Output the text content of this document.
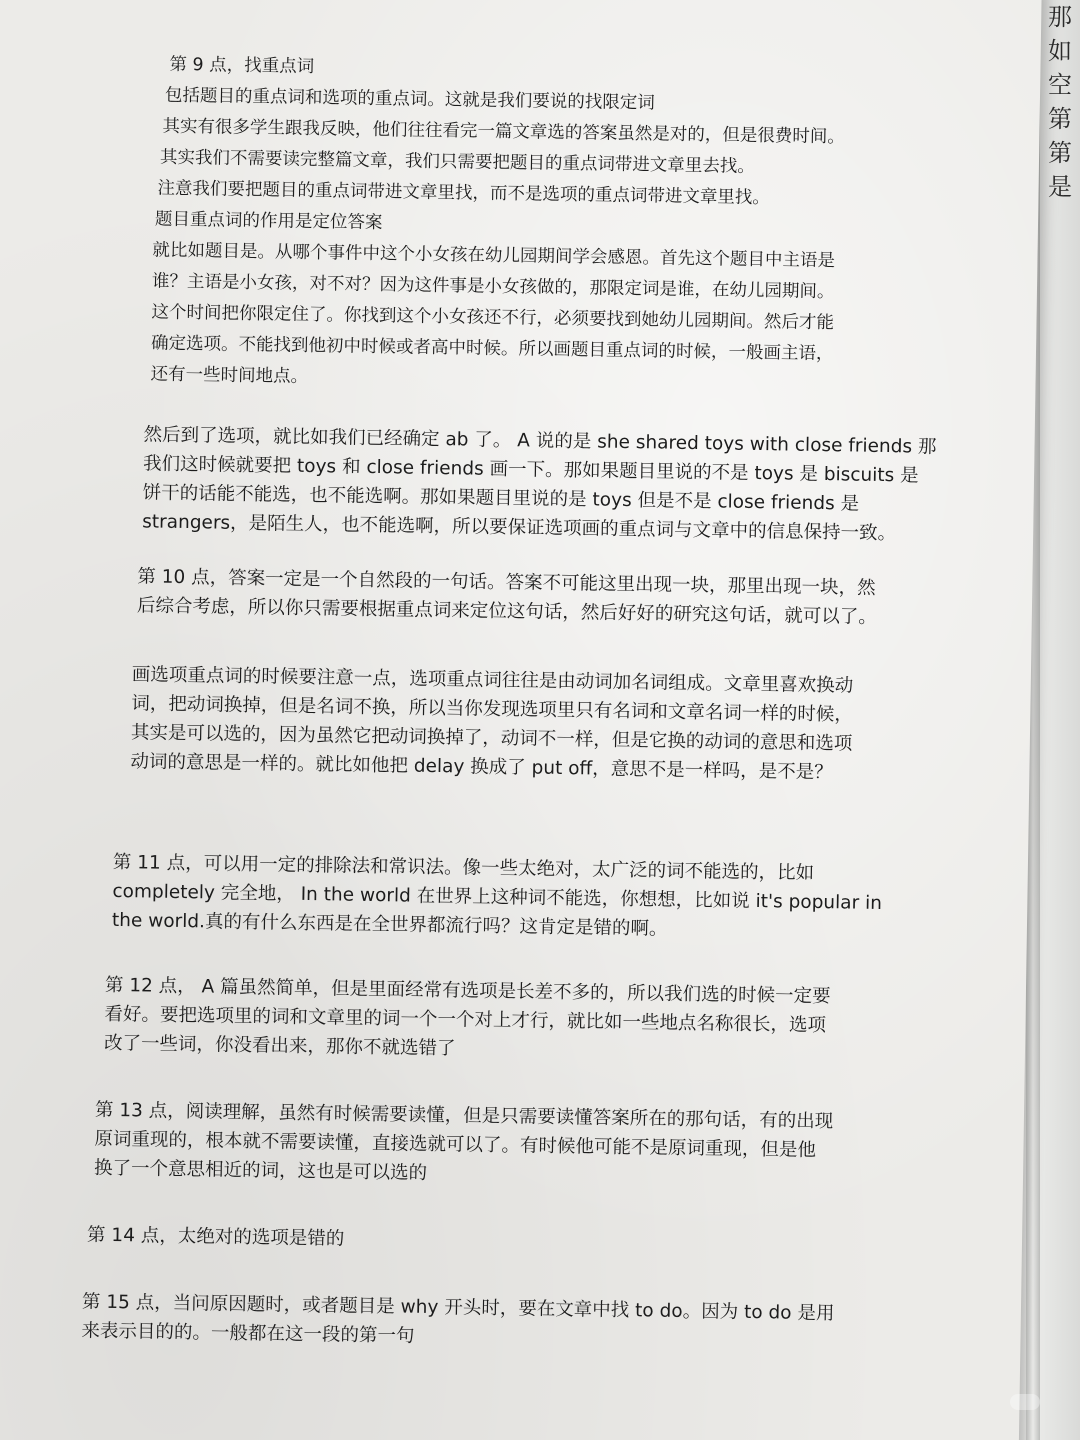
那
如
空
第
第
是
第 9 点，找重点词
包括题目的重点词和选项的重点词。这就是我们要说的找限定词
其实有很多学生跟我反映，他们往往看完一篇文章选的答案虽然是对的，但是很费时间。
其实我们不需要读完整篇文章，我们只需要把题目的重点词带进文章里去找。
注意我们要把题目的重点词带进文章里找，而不是选项的重点词带进文章里找。
题目重点词的作用是定位答案
就比如题目是。从哪个事件中这个小女孩在幼儿园期间学会感恩。首先这个题目中主语是
谁？主语是小女孩，对不对？因为这件事是小女孩做的，那限定词是谁，在幼儿园期间。
这个时间把你限定住了。你找到这个小女孩还不行，必须要找到她幼儿园期间。然后才能
确定选项。不能找到他初中时候或者高中时候。所以画题目重点词的时候，一般画主语，
还有一些时间地点。
然后到了选项，就比如我们已经确定 ab 了。 A 说的是 she shared toys with close friends 那
我们这时候就要把 toys 和 close friends 画一下。那如果题目里说的不是 toys 是 biscuits 是
饼干的话能不能选，也不能选啊。那如果题目里说的是 toys 但是不是 close friends 是
strangers，是陌生人，也不能选啊，所以要保证选项画的重点词与文章中的信息保持一致。
第 10 点，答案一定是一个自然段的一句话。答案不可能这里出现一块，那里出现一块，然
后综合考虑，所以你只需要根据重点词来定位这句话，然后好好的研究这句话，就可以了。
画选项重点词的时候要注意一点，选项重点词往往是由动词加名词组成。文章里喜欢换动
词，把动词换掉，但是名词不换，所以当你发现选项里只有名词和文章名词一样的时候，
其实是可以选的，因为虽然它把动词换掉了，动词不一样，但是它换的动词的意思和选项
动词的意思是一样的。就比如他把 delay 换成了 put off，意思不是一样吗，是不是？
第 11 点，可以用一定的排除法和常识法。像一些太绝对，太广泛的词不能选的，比如
completely 完全地， In the world 在世界上这种词不能选，你想想，比如说 it's popular in
the world.真的有什么东西是在全世界都流行吗？这肯定是错的啊。
第 12 点， A 篇虽然简单，但是里面经常有选项是长差不多的，所以我们选的时候一定要
看好。要把选项里的词和文章里的词一个一个对上才行，就比如一些地点名称很长，选项
改了一些词，你没看出来，那你不就选错了
第 13 点，阅读理解，虽然有时候需要读懂，但是只需要读懂答案所在的那句话，有的出现
原词重现的，根本就不需要读懂，直接选就可以了。有时候他可能不是原词重现，但是他
换了一个意思相近的词，这也是可以选的
第 14 点，太绝对的选项是错的
第 15 点，当问原因题时，或者题目是 why 开头时，要在文章中找 to do。因为 to do 是用
来表示目的的。一般都在这一段的第一句
